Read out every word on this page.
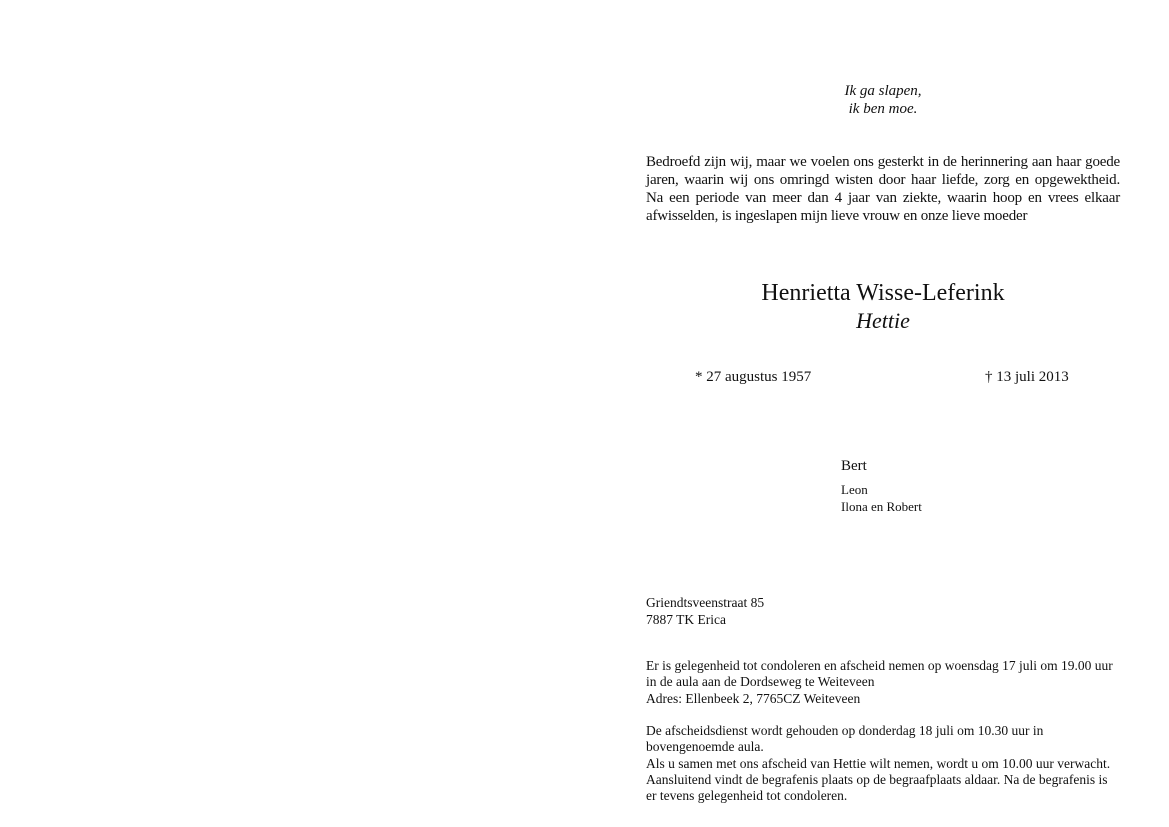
Ik ga slapen,
ik ben moe.
Bedroefd zijn wij, maar we voelen ons gesterkt in de herinnering aan haar goede
jaren, waarin wij ons omringd wisten door haar liefde, zorg en opgewektheid.
Na een periode van meer dan 4 jaar van ziekte, waarin hoop en vrees elkaar
afwisselden, is ingeslapen mijn lieve vrouw en onze lieve moeder
Henrietta Wisse-Leferink
Hettie
* 27 augustus 1957	† 13 juli 2013
Bert
Leon
Ilona en Robert
Griendtsveenstraat 85
7887 TK Erica
Er is gelegenheid tot condoleren en afscheid nemen op woensdag 17 juli om 19.00 uur
in de aula aan de Dordseweg te Weiteveen
Adres: Ellenbeek 2, 7765CZ Weiteveen
De afscheidsdienst wordt gehouden op donderdag 18 juli om 10.30 uur in
bovengenoemde aula.
Als u samen met ons afscheid van Hettie wilt nemen, wordt u om 10.00 uur verwacht.
Aansluitend vindt de begrafenis plaats op de begraafplaats aldaar. Na de begrafenis is
er tevens gelegenheid tot condoleren.
